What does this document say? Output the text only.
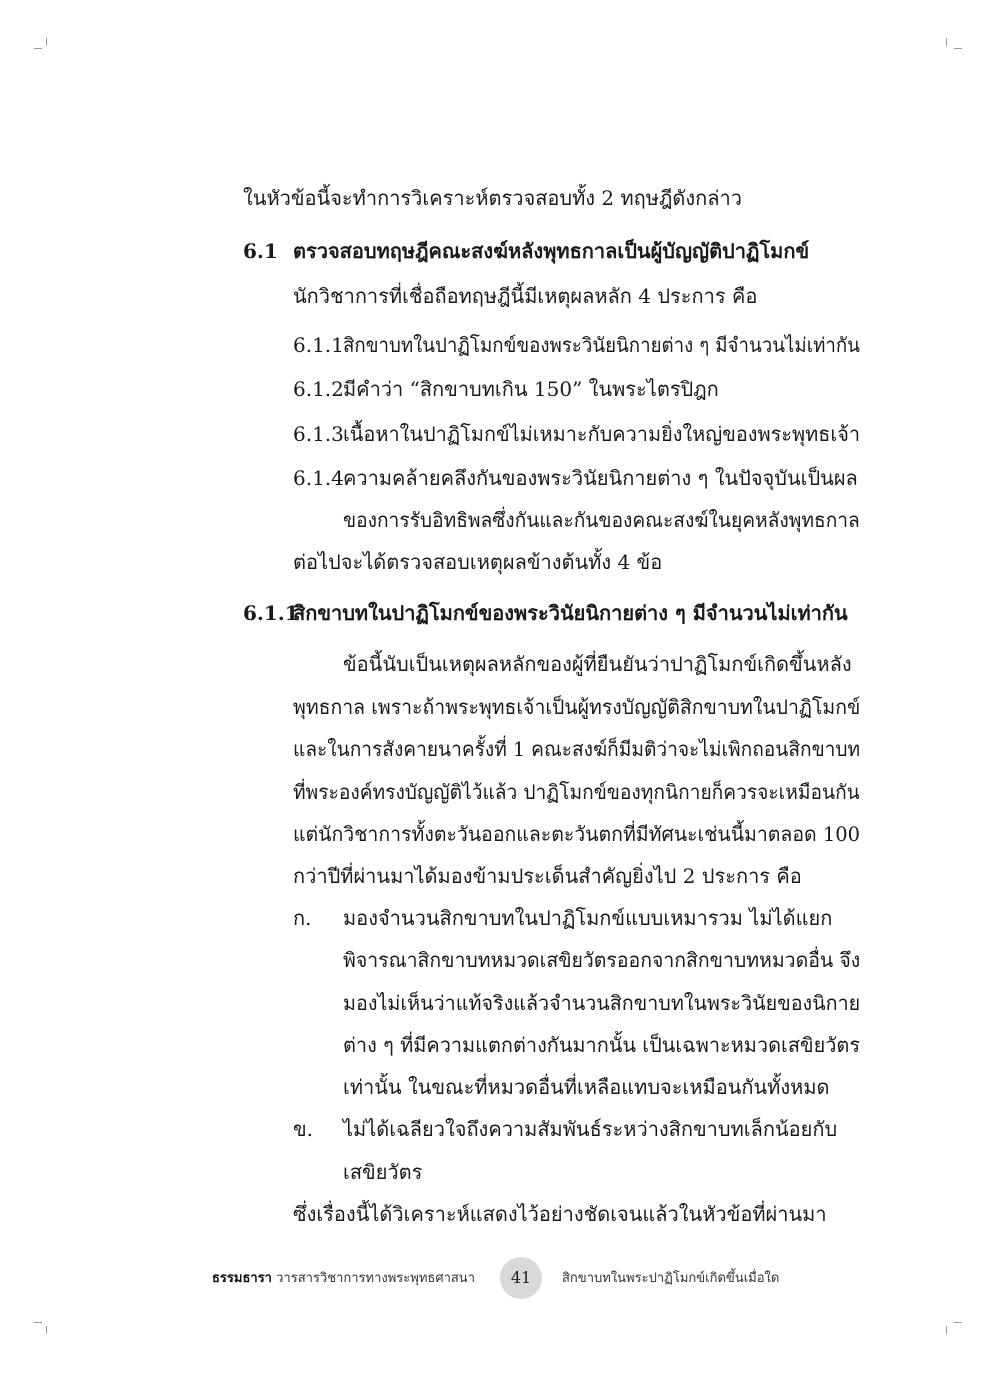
ในหัวข้อนี้จะทำการวิเคราะห์ตรวจสอบทั้ง 2 ทฤษฎีดังกล่าว
6.1 ตรวจสอบทฤษฎีคณะสงฆ์หลังพุทธกาลเป็นผู้บัญญัติปาฏิโมกข์
นักวิชาการที่เชื่อถือทฤษฎีนี้มีเหตุผลหลัก 4 ประการ คือ
6.1.1 สิกขาบทในปาฏิโมกข์ของพระวินัยนิกายต่าง ๆ มีจำนวนไม่เท่ากัน
6.1.2 มีคำว่า “สิกขาบทเกิน 150” ในพระไตรปิฎก
6.1.3 เนื้อหาในปาฏิโมกข์ไม่เหมาะกับความยิ่งใหญ่ของพระพุทธเจ้า
6.1.4 ความคล้ายคลึงกันของพระวินัยนิกายต่าง ๆ ในปัจจุบันเป็นผล
ของการรับอิทธิพลซึ่งกันและกันของคณะสงฆ์ในยุคหลังพุทธกาล
ต่อไปจะได้ตรวจสอบเหตุผลข้างต้นทั้ง 4 ข้อ
6.1.1
สิกขาบทในปาฏิโมกข์ของพระวินัยนิกายต่าง ๆ มีจำนวนไม่เท่ากัน
ข้อนี้นับเป็นเหตุผลหลักของผู้ที่ยืนยันว่าปาฏิโมกข์เกิดขึ้นหลัง
พุทธกาล เพราะถ้าพระพุทธเจ้าเป็นผู้ทรงบัญญัติสิกขาบทในปาฏิโมกข์
และในการสังคายนาครั้งที่ 1 คณะสงฆ์ก็มีมติว่าจะไม่เพิกถอนสิกขาบท
ที่พระองค์ทรงบัญญัติไว้แล้ว ปาฏิโมกข์ของทุกนิกายก็ควรจะเหมือนกัน
แต่นักวิชาการทั้งตะวันออกและตะวันตกที่มีทัศนะเช่นนี้มาตลอด 100
กว่าปีที่ผ่านมาได้มองข้ามประเด็นสำคัญยิ่งไป 2 ประการ คือ
ก. มองจำนวนสิกขาบทในปาฏิโมกข์แบบเหมารวม ไม่ได้แยก
พิจารณาสิกขาบทหมวดเสขิยวัตรออกจากสิกขาบทหมวดอื่น จึง
มองไม่เห็นว่าแท้จริงแล้วจำนวนสิกขาบทในพระวินัยของนิกาย
ต่าง ๆ ที่มีความแตกต่างกันมากนั้น เป็นเฉพาะหมวดเสขิยวัตร
เท่านั้น ในขณะที่หมวดอื่นที่เหลือแทบจะเหมือนกันทั้งหมด
ข. ไม่ได้เฉลียวใจถึงความสัมพันธ์ระหว่างสิกขาบทเล็กน้อยกับ
เสขิยวัตร
ซึ่งเรื่องนี้ได้วิเคราะห์แสดงไว้อย่างชัดเจนแล้วในหัวข้อที่ผ่านมา
ธรรมธารา วารสารวิชาการทางพระพุทธศาสนา	41	สิกขาบทในพระปาฏิโมกข์เกิดขึ้นเมื่อใด
